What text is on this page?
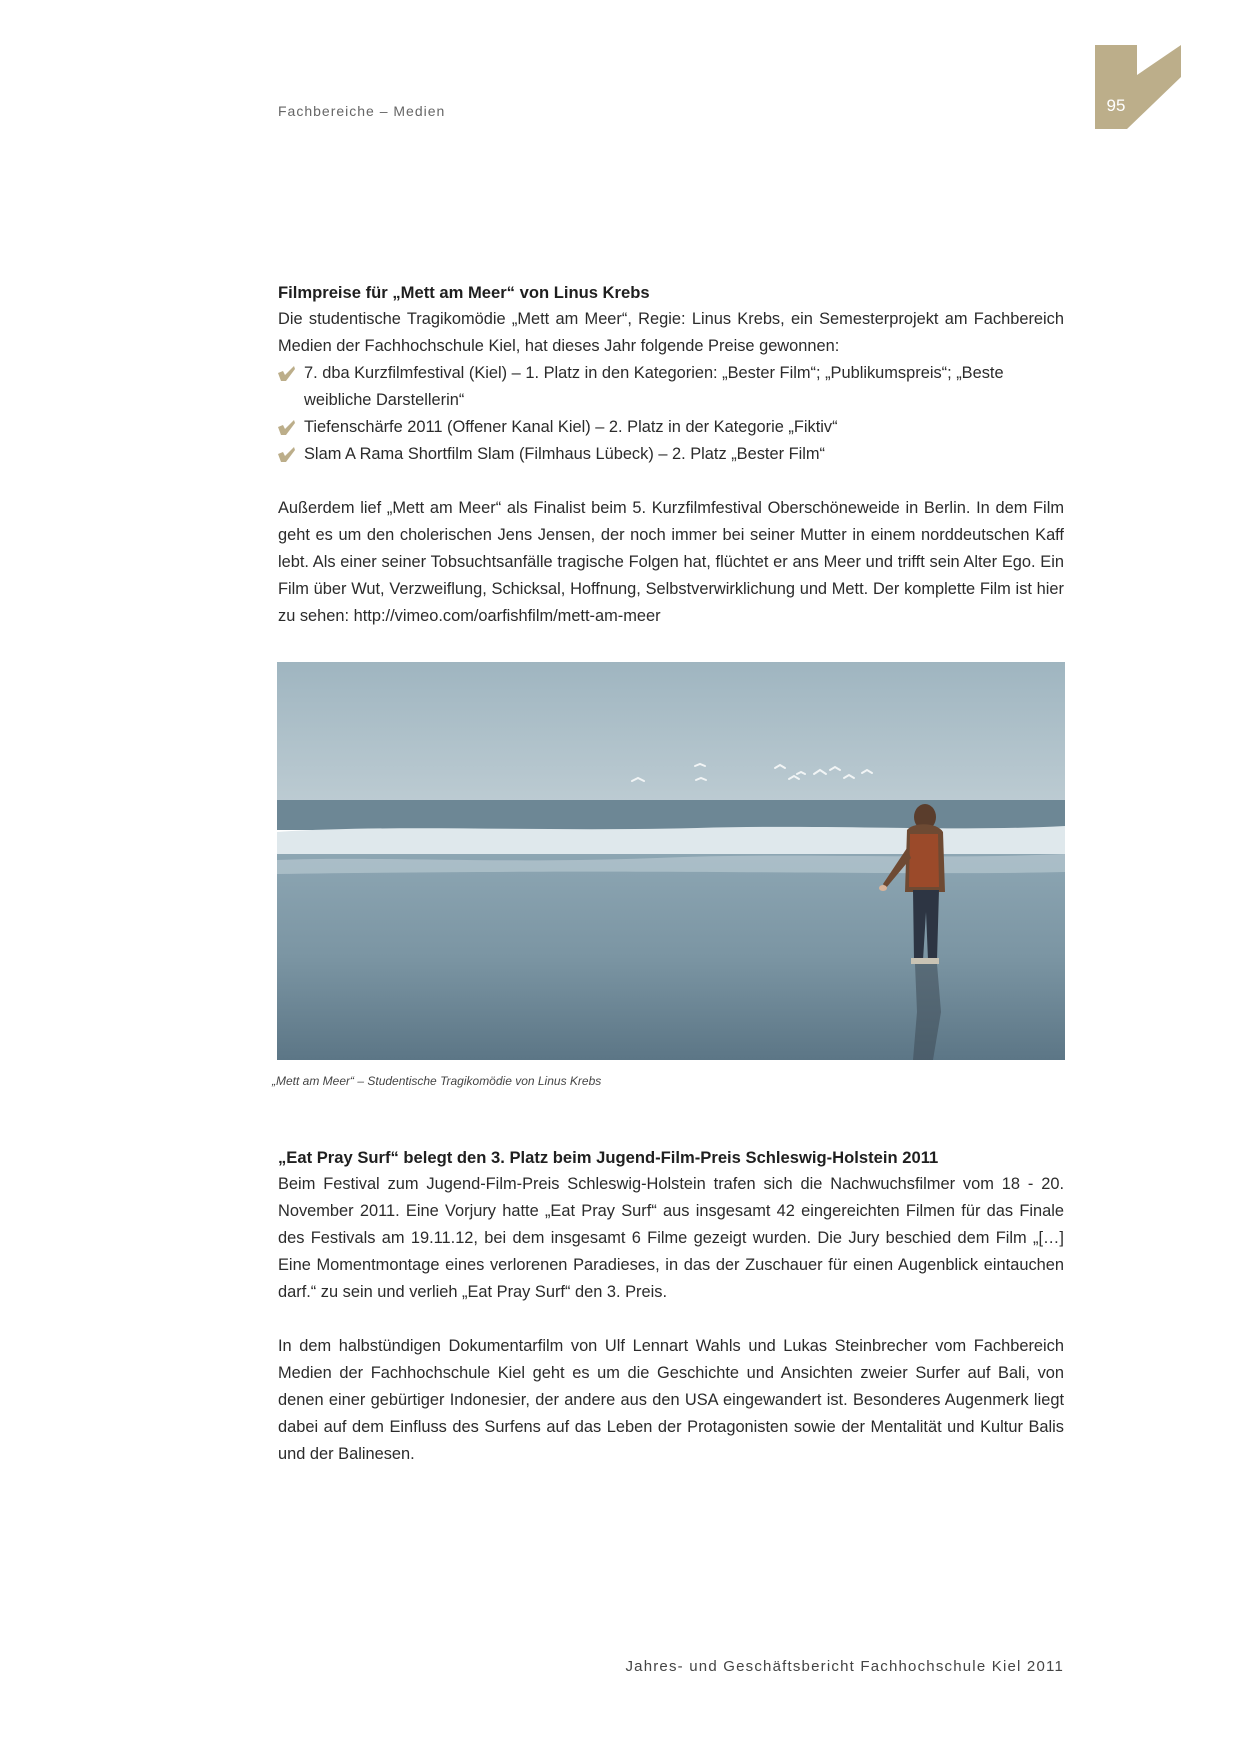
Fachbereiche – Medien	95
Filmpreise für „Mett am Meer“ von Linus Krebs

Die studentische Tragikomödie „Mett am Meer“, Regie: Linus Krebs, ein Semesterprojekt am Fachbereich Medien der Fachhochschule Kiel, hat dieses Jahr folgende Preise gewonnen:

7. dba Kurzfilmfestival (Kiel) – 1. Platz in den Kategorien: „Bester Film“; „Publikumspreis“; „Beste weibliche Darstellerin“
Tiefenschärfe 2011 (Offener Kanal Kiel) – 2. Platz in der Kategorie „Fiktiv“
Slam A Rama Shortfilm Slam (Filmhaus Lübeck) – 2. Platz „Bester Film“

Außerdem lief „Mett am Meer“ als Finalist beim 5. Kurzfilmfestival Oberschöneweide in Berlin. In dem Film geht es um den cholerischen Jens Jensen, der noch immer bei seiner Mutter in einem norddeutschen Kaff lebt. Als einer seiner Tobsuchtsanfälle tragische Folgen hat, flüchtet er ans Meer und trifft sein Alter Ego. Ein Film über Wut, Verzweiflung, Schicksal, Hoffnung, Selbstverwirklichung und Mett. Der komplette Film ist hier zu sehen: http://vimeo.com/oarfishfilm/mett-am-meer

„Mett am Meer“ – Studentische Tragikomödie von Linus Krebs
„Eat Pray Surf“ belegt den 3. Platz beim Jugend-Film-Preis Schleswig-Holstein 2011

Beim Festival zum Jugend-Film-Preis Schleswig-Holstein trafen sich die Nachwuchsfilmer vom 18 - 20. November 2011. Eine Vorjury hatte „Eat Pray Surf“ aus insgesamt 42 eingereichten Filmen für das Finale des Festivals am 19.11.12, bei dem insgesamt 6 Filme gezeigt wurden. Die Jury beschied dem Film „[…] Eine Momentmontage eines verlorenen Paradieses, in das der Zuschauer für einen Augenblick eintauchen darf.“ zu sein und verlieh „Eat Pray Surf“ den 3. Preis.

In dem halbstündigen Dokumentarfilm von Ulf Lennart Wahls und Lukas Steinbrecher vom Fachbereich Medien der Fachhochschule Kiel geht es um die Geschichte und Ansichten zweier Surfer auf Bali, von denen einer gebürtiger Indonesier, der andere aus den USA eingewandert ist. Besonderes Augenmerk liegt dabei auf dem Einfluss des Surfens auf das Leben der Protagonisten sowie der Mentalität und Kultur Balis und der Balinesen.

Jahres- und Geschäftsbericht Fachhochschule Kiel 2011
